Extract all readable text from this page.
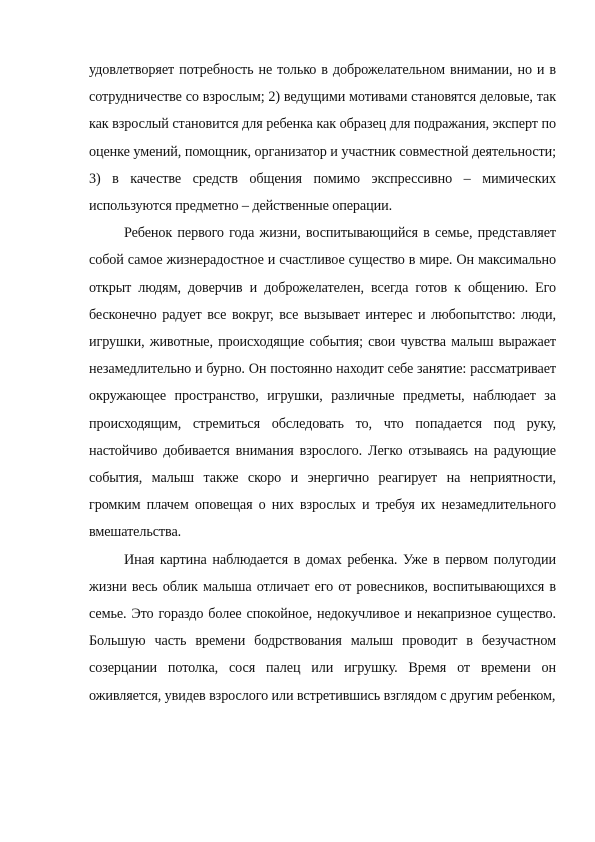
удовлетворяет потребность не только в доброжелательном внимании, но и в сотрудничестве со взрослым; 2) ведущими мотивами становятся деловые, так как взрослый становится для ребенка как образец для подражания, эксперт по оценке умений, помощник, организатор и участник совместной деятельности; 3) в качестве средств общения помимо экспрессивно – мимических используются предметно – действенные операции.

Ребенок первого года жизни, воспитывающийся в семье, представляет собой самое жизнерадостное и счастливое существо в мире. Он максимально открыт людям, доверчив и доброжелателен, всегда готов к общению. Его бесконечно радует все вокруг, все вызывает интерес и любопытство: люди, игрушки, животные, происходящие события; свои чувства малыш выражает незамедлительно и бурно. Он постоянно находит себе занятие: рассматривает окружающее пространство, игрушки, различные предметы, наблюдает за происходящим, стремиться обследовать то, что попадается под руку, настойчиво добивается внимания взрослого. Легко отзываясь на радующие события, малыш также скоро и энергично реагирует на неприятности, громким плачем оповещая о них взрослых и требуя их незамедлительного вмешательства.

Иная картина наблюдается в домах ребенка. Уже в первом полугодии жизни весь облик малыша отличает его от ровесников, воспитывающихся в семье. Это гораздо более спокойное, недокучливое и некапризное существо. Большую часть времени бодрствования малыш проводит в безучастном созерцании потолка, сося палец или игрушку. Время от времени он оживляется, увидев взрослого или встретившись взглядом с другим ребенком,
